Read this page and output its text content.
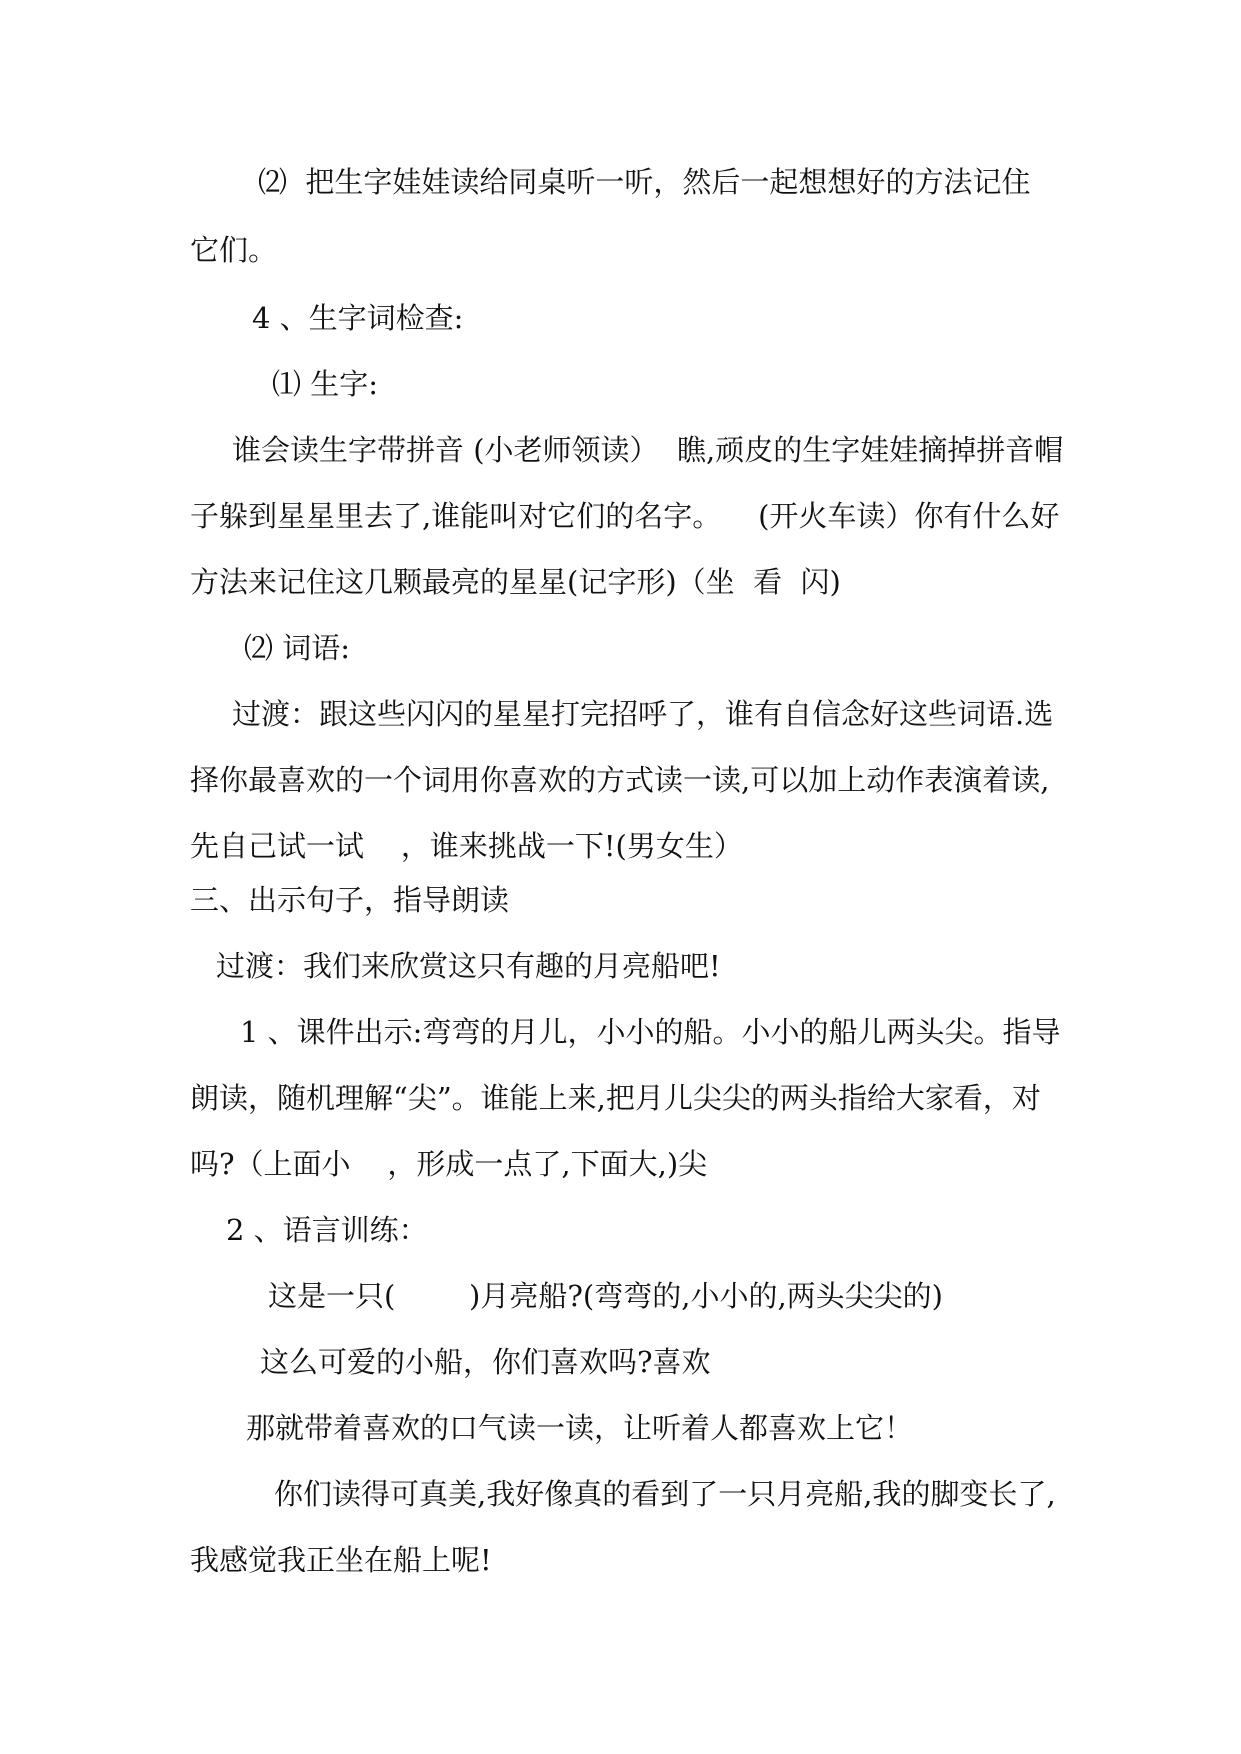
⑵  把生字娃娃读给同桌听一听，然后一起想想好的方法记住
它们。
4 、生字词检查:
⑴ 生字:
谁会读生字带拼音 (小老师领读）  瞧,顽皮的生字娃娃摘掉拼音帽
子躲到星星里去了,谁能叫对它们的名字。    (开火车读）你有什么好
方法来记住这几颗最亮的星星(记字形)（坐  看  闪)
⑵ 词语:
过渡：跟这些闪闪的星星打完招呼了，谁有自信念好这些词语.选
择你最喜欢的一个词用你喜欢的方式读一读,可以加上动作表演着读,
先自己试一试    ，谁来挑战一下!(男女生）
三、出示句子，指导朗读
过渡：我们来欣赏这只有趣的月亮船吧!
1 、课件出示:弯弯的月儿，小小的船。小小的船儿两头尖。指导
朗读，随机理解“尖”。谁能上来,把月儿尖尖的两头指给大家看，对
吗?（上面小    ，形成一点了,下面大,)尖
2 、语言训练：
这是一只(        )月亮船?(弯弯的,小小的,两头尖尖的)
这么可爱的小船，你们喜欢吗?喜欢
那就带着喜欢的口气读一读，让听着人都喜欢上它！
你们读得可真美,我好像真的看到了一只月亮船,我的脚变长了,
我感觉我正坐在船上呢!
